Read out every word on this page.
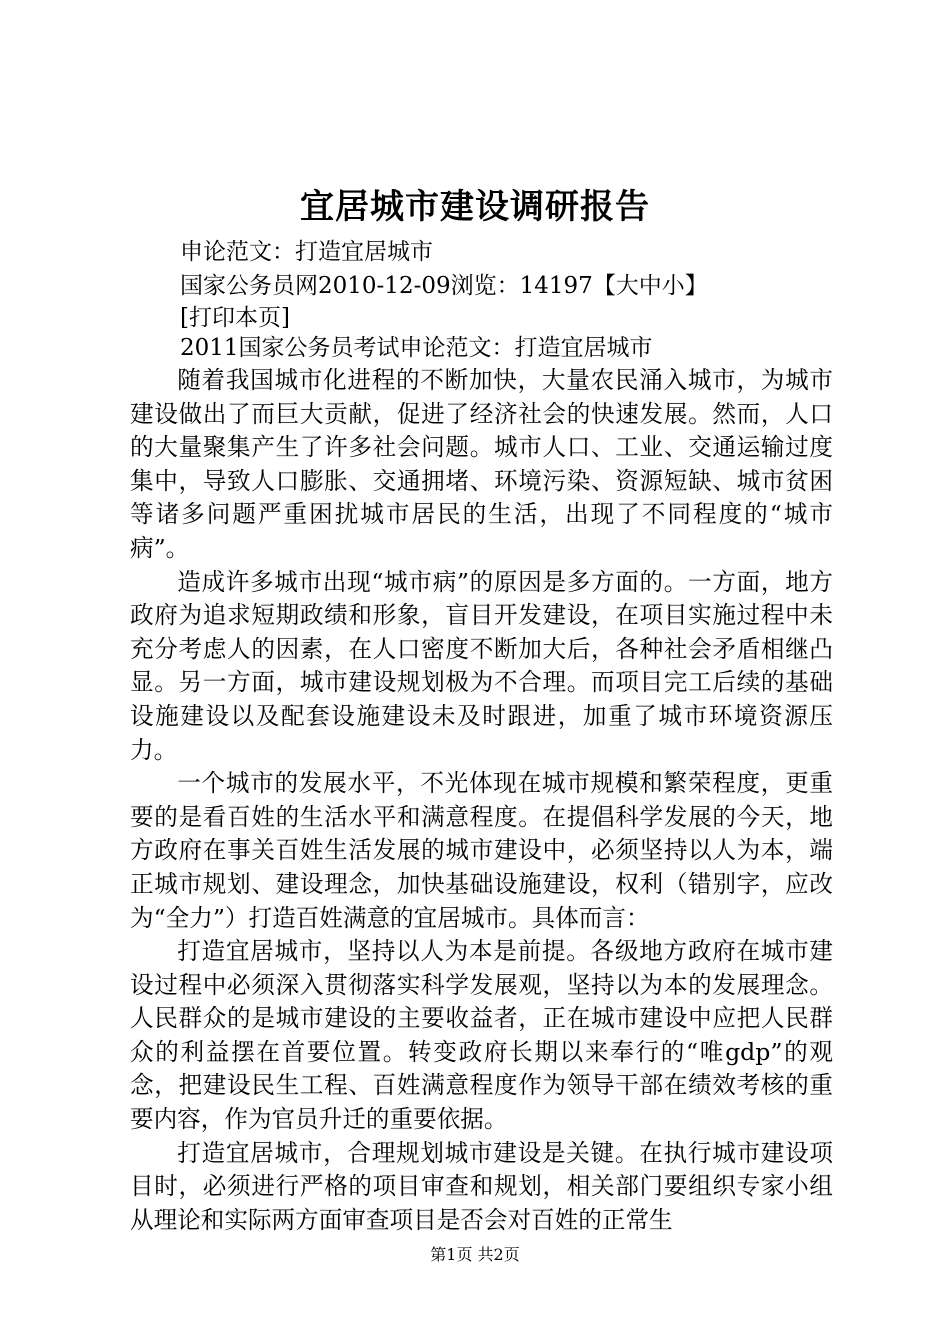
宜居城市建设调研报告
申论范文：打造宜居城市
国家公务员网2010-12-09浏览：14197【大中小】
[打印本页]
2011国家公务员考试申论范文：打造宜居城市

随着我国城市化进程的不断加快，大量农民涌入城市，为城市建设做出了而巨大贡献，促进了经济社会的快速发展。然而，人口的大量聚集产生了许多社会问题。城市人口、工业、交通运输过度集中，导致人口膨胀、交通拥堵、环境污染、资源短缺、城市贫困等诸多问题严重困扰城市居民的生活，出现了不同程度的“城市病”。

造成许多城市出现“城市病”的原因是多方面的。一方面，地方政府为追求短期政绩和形象，盲目开发建设，在项目实施过程中未充分考虑人的因素，在人口密度不断加大后，各种社会矛盾相继凸显。另一方面，城市建设规划极为不合理。而项目完工后续的基础设施建设以及配套设施建设未及时跟进，加重了城市环境资源压力。

一个城市的发展水平，不光体现在城市规模和繁荣程度，更重要的是看百姓的生活水平和满意程度。在提倡科学发展的今天，地方政府在事关百姓生活发展的城市建设中，必须坚持以人为本，端正城市规划、建设理念，加快基础设施建设，权利（错别字，应改为“全力”）打造百姓满意的宜居城市。具体而言：

打造宜居城市，坚持以人为本是前提。各级地方政府在城市建设过程中必须深入贯彻落实科学发展观，坚持以为本的发展理念。人民群众的是城市建设的主要收益者，正在城市建设中应把人民群众的利益摆在首要位置。转变政府长期以来奉行的“唯gdp”的观念，把建设民生工程、百姓满意程度作为领导干部在绩效考核的重要内容，作为官员升迁的重要依据。

打造宜居城市，合理规划城市建设是关键。在执行城市建设项目时，必须进行严格的项目审查和规划，相关部门要组织专家小组从理论和实际两方面审查项目是否会对百姓的正常生

第1页 共2页
